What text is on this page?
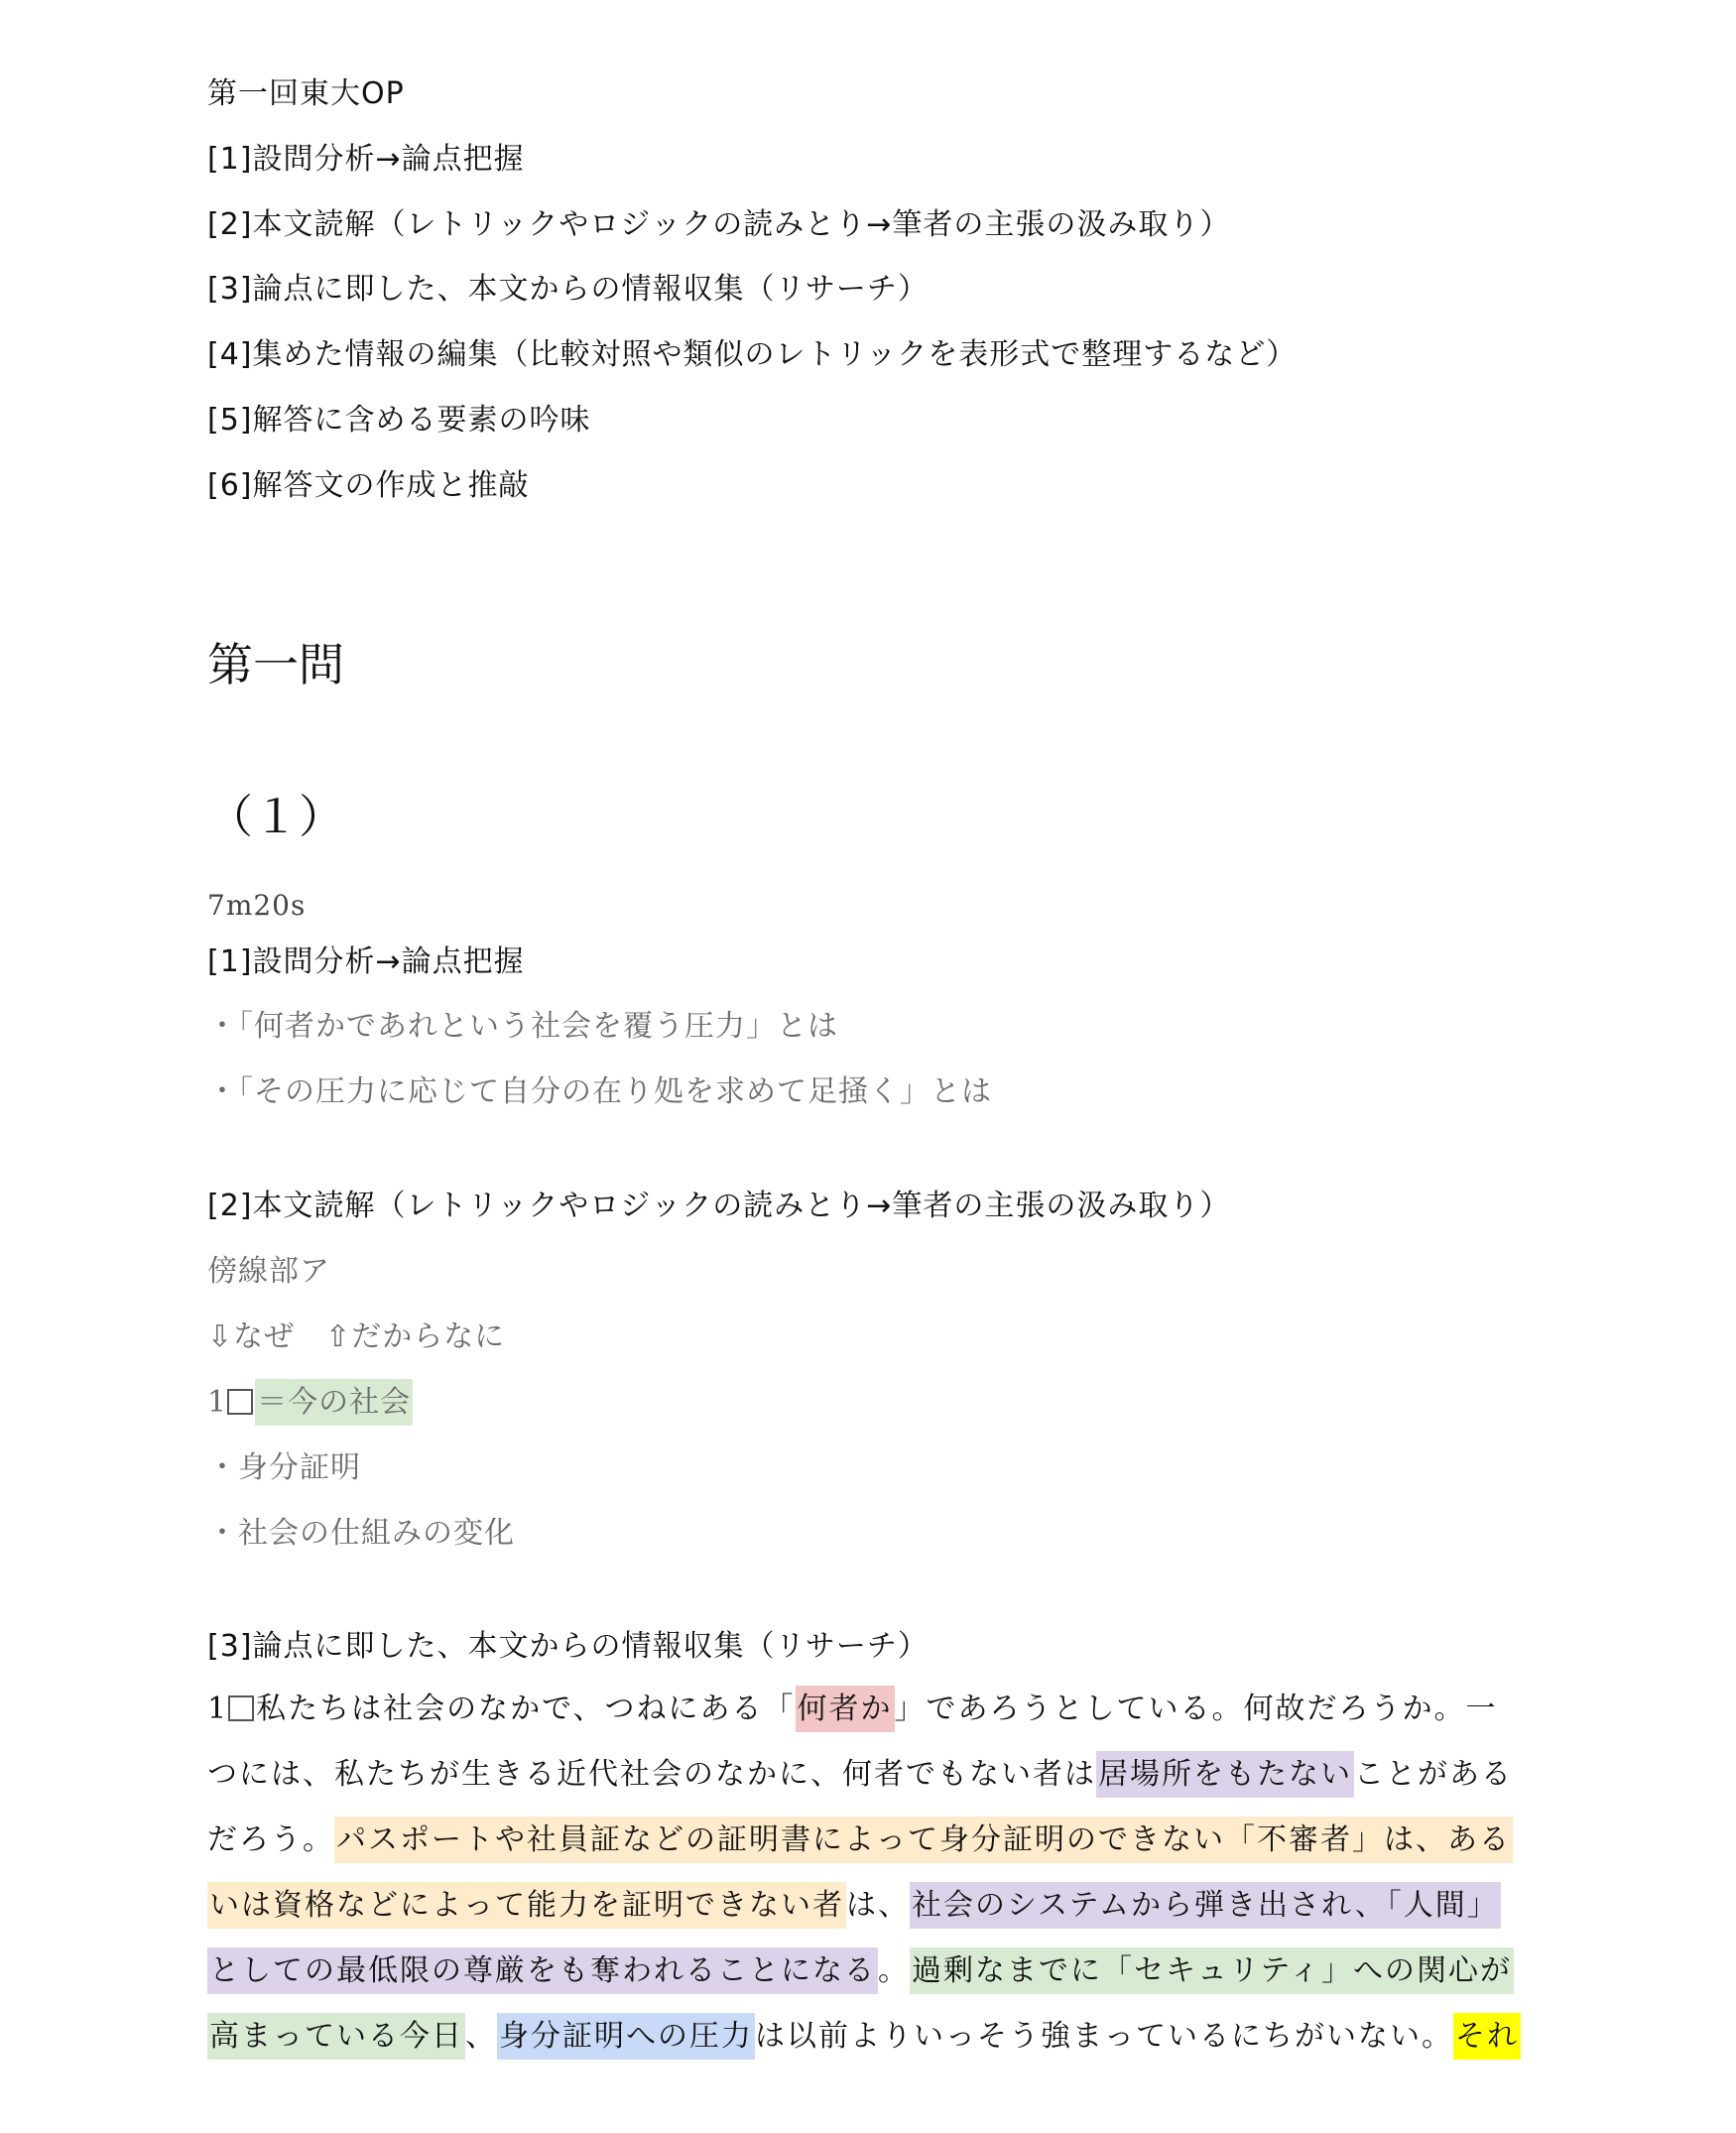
第一回東大OP
[1]設問分析→論点把握
[2]本文読解（レトリックやロジックの読みとり→筆者の主張の汲み取り）
[3]論点に即した、本文からの情報収集（リサーチ）
[4]集めた情報の編集（比較対照や類似のレトリックを表形式で整理するなど）
[5]解答に含める要素の吟味
[6]解答文の作成と推敲
第一問
（１）
7m20s
[1]設問分析→論点把握
・「何者かであれという社会を覆う圧力」とは
・「その圧力に応じて自分の在り処を求めて足掻く」とは
[2]本文読解（レトリックやロジックの読みとり→筆者の主張の汲み取り）
傍線部ア
⇩なぜ　⇧だからなに
1 ＝今の社会
・身分証明
・社会の仕組みの変化
[3]論点に即した、本文からの情報収集（リサーチ）
1 私たちは社会のなかで、つねにある「何者か」であろうとしている。何故だろうか。一
つには、私たちが生きる近代社会のなかに、何者でもない者は居場所をもたないことがある
だろう。パスポートや社員証などの証明書によって身分証明のできない「不審者」は、ある
いは資格などによって能力を証明できない者は、社会のシステムから弾き出され、「人間」
としての最低限の尊厳をも奪われることになる。過剰なまでに「セキュリティ」への関心が
高まっている今日、身分証明への圧力は以前よりいっそう強まっているにちがいない。それ
